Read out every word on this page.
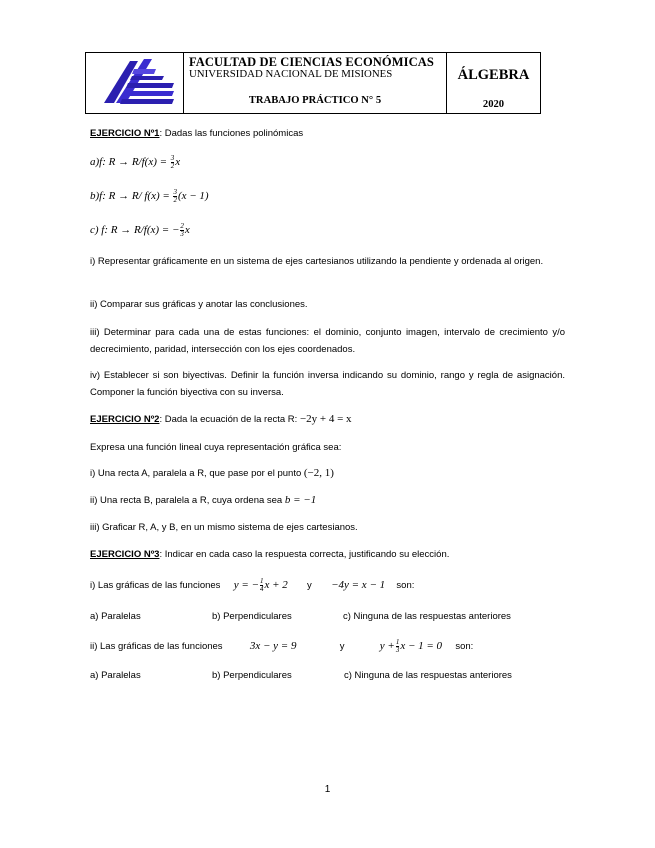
FACULTAD DE CIENCIAS ECONÓMICAS
UNIVERSIDAD NACIONAL DE MISIONES
TRABAJO PRÁCTICO N° 5
ÁLGEBRA
2020
EJERCICIO Nº1: Dadas las funciones polinómicas
a)f: $R \to R/f(x) = \frac{3}{2}$ x
b)f: R → R/ $f(x) = \frac{3}{2} (x - 1)$
c) f: R → R/f(x) = − $\frac{2}{3}$ x
i) Representar gráficamente en un sistema de ejes cartesianos utilizando la pendiente y ordenada al origen.
ii) Comparar sus gráficas y anotar las conclusiones.
iii) Determinar para cada una de estas funciones: el dominio, conjunto imagen, intervalo de crecimiento y/o decrecimiento, paridad, intersección con los ejes coordenados.
iv) Establecer si son biyectivas. Definir la función inversa indicando su dominio, rango y regla de asignación. Componer la función biyectiva con su inversa.
EJERCICIO Nº2: Dada la ecuación de la recta R: −2y + 4 = x
Expresa una función lineal cuya representación gráfica sea:
i) Una recta A, paralela a R, que pase por el punto (−2, 1)
ii) Una recta B, paralela a R, cuya ordena sea b = −1
iii) Graficar R, A, y B, en un mismo sistema de ejes cartesianos.
EJERCICIO Nº3: Indicar en cada caso la respuesta correcta, justificando su elección.
i) Las gráficas de las funciones y = − $\frac{1}{4}$ x + 2 y −4y = x − 1 son:
a) Paralelas	b) Perpendiculares	c) Ninguna de las respuestas anteriores
ii) Las gráficas de las funciones 3x − y = 9	y	$y + \frac{1}{3}$ x − 1 = 0 son:
a) Paralelas	b) Perpendiculares	c) Ninguna de las respuestas anteriores
1
